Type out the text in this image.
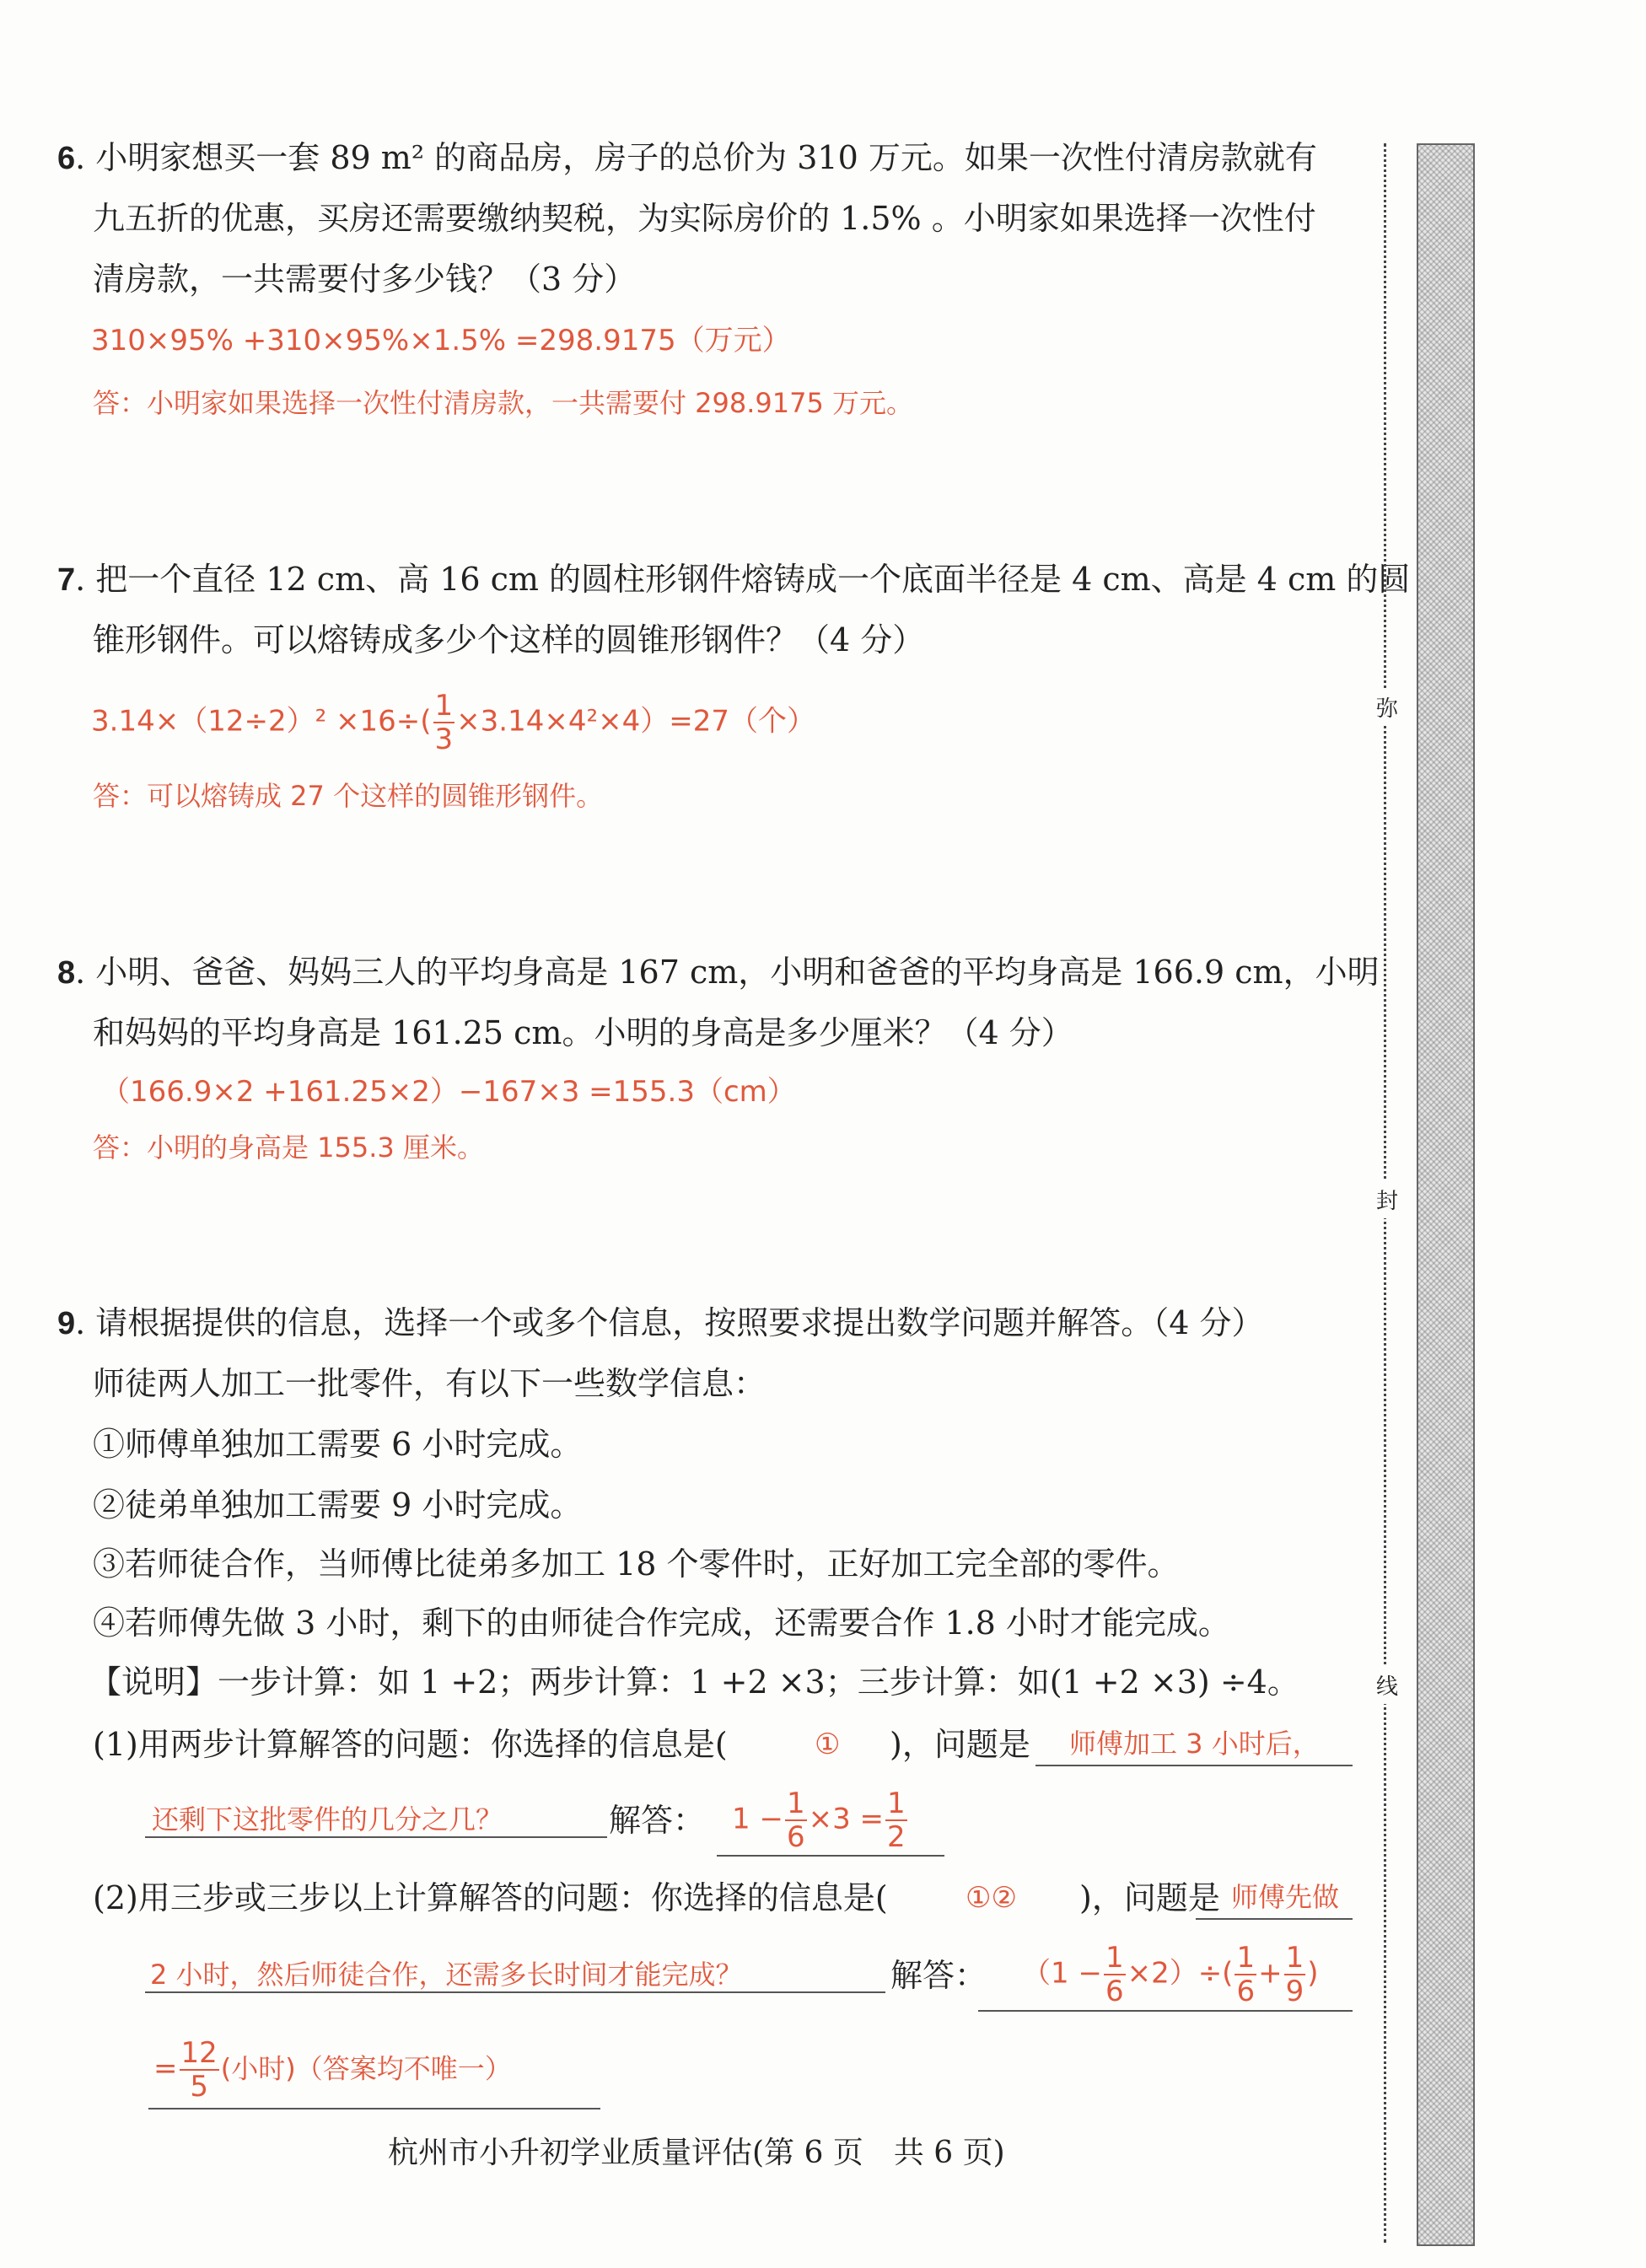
6. 小明家想买一套 89 m² 的商品房，房子的总价为 310 万元。如果一次性付清房款就有
九五折的优惠，买房还需要缴纳契税，为实际房价的 1.5% 。小明家如果选择一次性付
清房款，一共需要付多少钱？（3 分）
310×95% +310×95%×1.5% =298.9175（万元）
答：小明家如果选择一次性付清房款，一共需要付 298.9175 万元。
7. 把一个直径 12 cm、高 16 cm 的圆柱形钢件熔铸成一个底面半径是 4 cm、高是 4 cm 的圆
锥形钢件。可以熔铸成多少个这样的圆锥形钢件？（4 分）
$3.14\times(12\div 2)^2 \times 16\div( \frac{1}{3} \times 3.14\times 4^2\times 4)=27$（个）
答：可以熔铸成 27 个这样的圆锥形钢件。
8. 小明、爸爸、妈妈三人的平均身高是 167 cm，小明和爸爸的平均身高是 166.9 cm，小明
和妈妈的平均身高是 161.25 cm。小明的身高是多少厘米？（4 分）
（166.9×2 +161.25×2）−167×3 =155.3（cm）
答：小明的身高是 155.3 厘米。
9. 请根据提供的信息，选择一个或多个信息，按照要求提出数学问题并解答。（4 分）
师徒两人加工一批零件，有以下一些数学信息：
①师傅单独加工需要 6 小时完成。
②徒弟单独加工需要 9 小时完成。
③若师徒合作，当师傅比徒弟多加工 18 个零件时，正好加工完全部的零件。
④若师傅先做 3 小时，剩下的由师徒合作完成，还需要合作 1.8 小时才能完成。
【说明】一步计算：如 1 +2；两步计算：1 +2 ×3；三步计算：如(1 +2 ×3) ÷4。
(1)用两步计算解答的问题：你选择的信息是(	① )，问题是 师傅加工 3 小时后，
还剩下这批零件的几分之几？	解答： $1 - \frac{1}{6} \times 3 = \frac{1}{2}$
(2)用三步或三步以上计算解答的问题：你选择的信息是(	①② )，问题是 师傅先做
2 小时，然后师徒合作，还需多长时间才能完成？	解答： $(1 - \frac{1}{6} \times 2)\div( \frac{1}{6} + \frac{1}{9}$ )
= $\frac{12}{5}$ (小时)（答案均不唯一）
弥
封
线
杭州市小升初学业质量评估(第 6 页　共 6 页)
